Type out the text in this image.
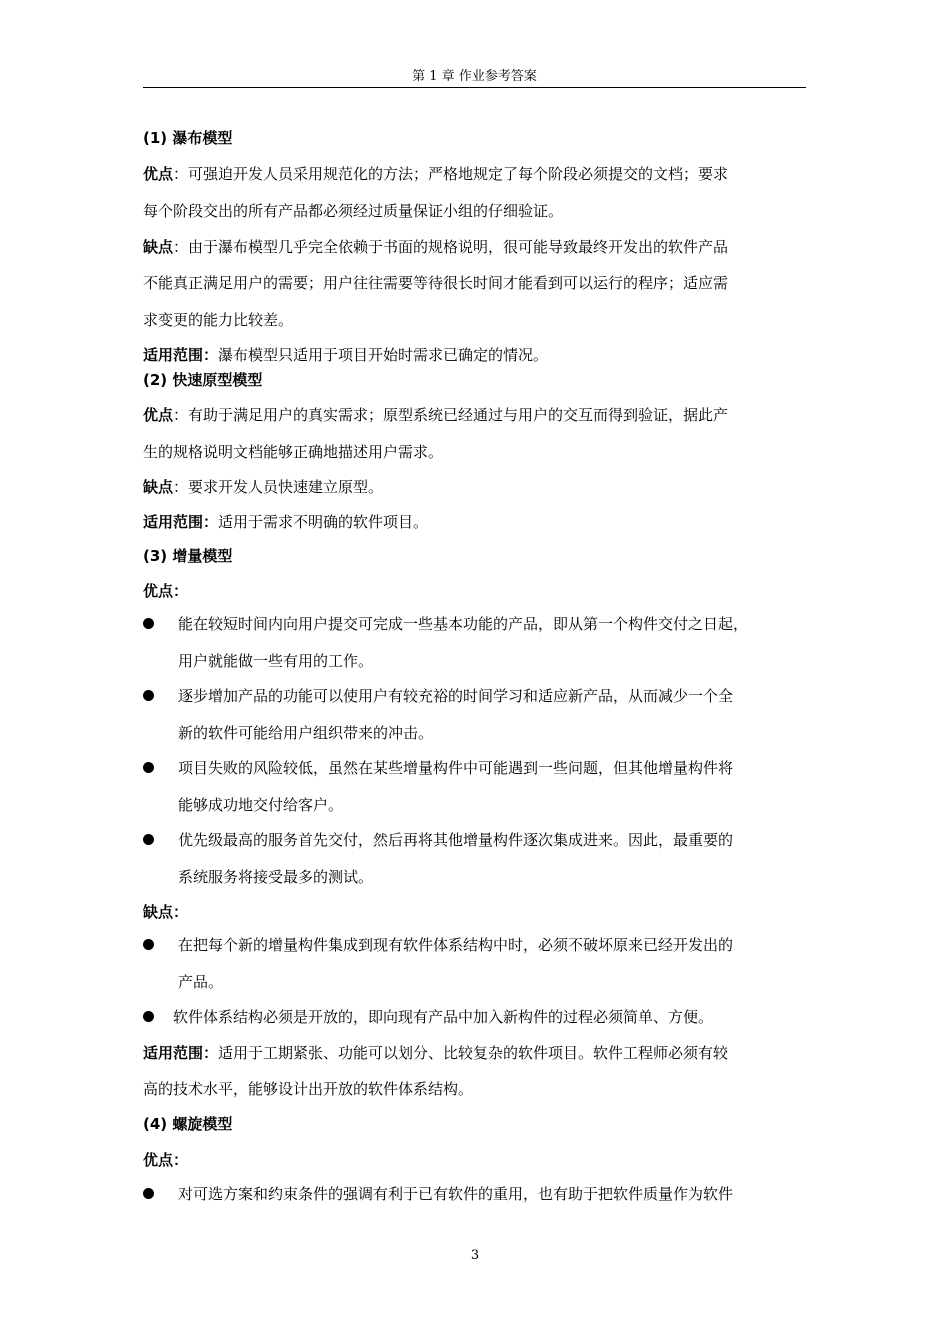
第 1 章 作业参考答案
(1) 瀑布模型
优点：可强迫开发人员采用规范化的方法；严格地规定了每个阶段必须提交的文档；要求
每个阶段交出的所有产品都必须经过质量保证小组的仔细验证。
缺点：由于瀑布模型几乎完全依赖于书面的规格说明，很可能导致最终开发出的软件产品
不能真正满足用户的需要；用户往往需要等待很长时间才能看到可以运行的程序；适应需
求变更的能力比较差。
适用范围：瀑布模型只适用于项目开始时需求已确定的情况。
(2) 快速原型模型
优点：有助于满足用户的真实需求；原型系统已经通过与用户的交互而得到验证，据此产
生的规格说明文档能够正确地描述用户需求。
缺点：要求开发人员快速建立原型。
适用范围：适用于需求不明确的软件项目。
(3) 增量模型
优点：
能在较短时间内向用户提交可完成一些基本功能的产品，即从第一个构件交付之日起，
用户就能做一些有用的工作。
逐步增加产品的功能可以使用户有较充裕的时间学习和适应新产品，从而减少一个全
新的软件可能给用户组织带来的冲击。
项目失败的风险较低，虽然在某些增量构件中可能遇到一些问题，但其他增量构件将
能够成功地交付给客户。
优先级最高的服务首先交付，然后再将其他增量构件逐次集成进来。因此，最重要的
系统服务将接受最多的测试。
缺点：
在把每个新的增量构件集成到现有软件体系结构中时，必须不破坏原来已经开发出的
产品。
软件体系结构必须是开放的，即向现有产品中加入新构件的过程必须简单、方便。
适用范围：适用于工期紧张、功能可以划分、比较复杂的软件项目。软件工程师必须有较
高的技术水平，能够设计出开放的软件体系结构。
(4) 螺旋模型
优点：
对可选方案和约束条件的强调有利于已有软件的重用，也有助于把软件质量作为软件
3
